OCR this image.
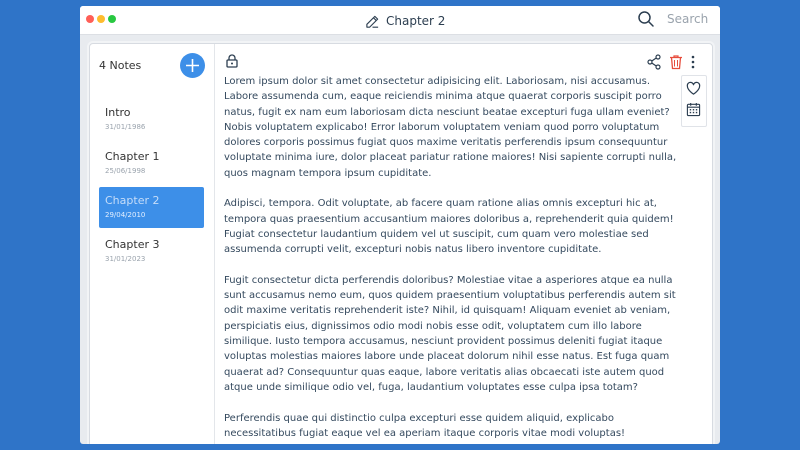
Chapter 2	Search
4 Notes
Intro
31/01/1986
Chapter 1
25/06/1998
Chapter 2
29/04/2010
Chapter 3
31/01/2023

Lorem ipsum dolor sit amet consectetur adipisicing elit. Laboriosam, nisi accusamus. Labore assumenda cum, eaque reiciendis minima atque quaerat corporis suscipit porro natus, fugit ex nam eum laboriosam dicta nesciunt beatae excepturi fuga ullam eveniet? Nobis voluptatem explicabo! Error laborum voluptatem veniam quod porro voluptatum dolores corporis possimus fugiat quos maxime veritatis perferendis ipsum consequuntur voluptate minima iure, dolor placeat pariatur ratione maiores! Nisi sapiente corrupti nulla, quos magnam tempora ipsum cupiditate.

Adipisci, tempora. Odit voluptate, ab facere quam ratione alias omnis excepturi hic at, tempora quas praesentium accusantium maiores doloribus a, reprehenderit quia quidem! Fugiat consectetur laudantium quidem vel ut suscipit, cum quam vero molestiae sed assumenda corrupti velit, excepturi nobis natus libero inventore cupiditate.

Fugit consectetur dicta perferendis doloribus? Molestiae vitae a asperiores atque ea nulla sunt accusamus nemo eum, quos quidem praesentium voluptatibus perferendis autem sit odit maxime veritatis reprehenderit iste? Nihil, id quisquam! Aliquam eveniet ab veniam, perspiciatis eius, dignissimos odio modi nobis esse odit, voluptatem cum illo labore similique. Iusto tempora accusamus, nesciunt provident possimus deleniti fugiat itaque voluptas molestias maiores labore unde placeat dolorum nihil esse natus. Est fuga quam quaerat ad? Consequuntur quas eaque, labore veritatis alias obcaecati iste autem quod atque unde similique odio vel, fuga, laudantium voluptates esse culpa ipsa totam?

Perferendis quae qui distinctio culpa excepturi esse quidem aliquid, explicabo necessitatibus fugiat eaque vel ea aperiam itaque corporis vitae modi voluptas!
